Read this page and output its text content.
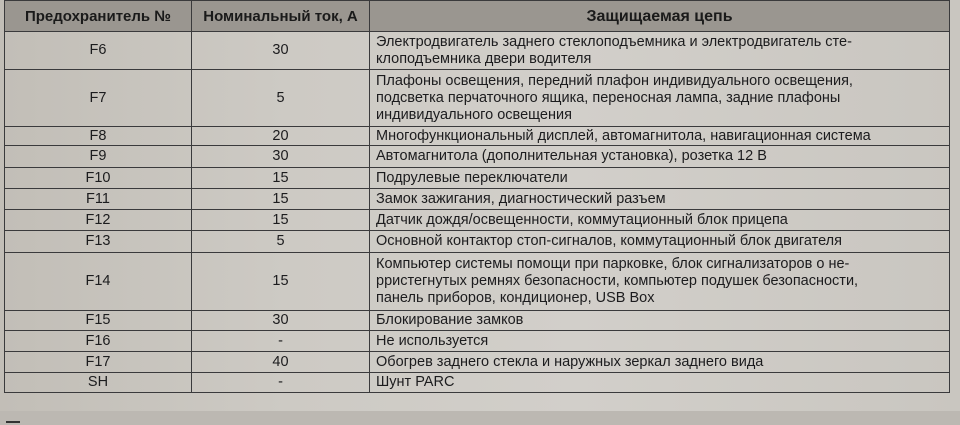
Предохранитель №	Номинальный ток, А	Защищаемая цепь
F6	30	Электродвигатель заднего стеклоподъемника и электродвигатель сте-
клоподъемника двери водителя
F7	5	Плафоны освещения, передний плафон индивидуального освещения,
подсветка перчаточного ящика, переносная лампа, задние плафоны
индивидуального освещения
F8	20	Многофункциональный дисплей, автомагнитола, навигационная система
F9	30	Автомагнитола (дополнительная установка), розетка 12 В
F10	15	Подрулевые переключатели
F11	15	Замок зажигания, диагностический разъем
F12	15	Датчик дождя/освещенности, коммутационный блок прицепа
F13	5	Основной контактор стоп-сигналов, коммутационный блок двигателя
F14	15	Компьютер системы помощи при парковке, блок сигнализаторов о не-
pристегнутых ремнях безопасности, компьютер подушек безопасности,
панель приборов, кондиционер, USB Box
F15	30	Блокирование замков
F16	-	Не используется
F17	40	Обогрев заднего стекла и наружных зеркал заднего вида
SH	-	Шунт PARC
